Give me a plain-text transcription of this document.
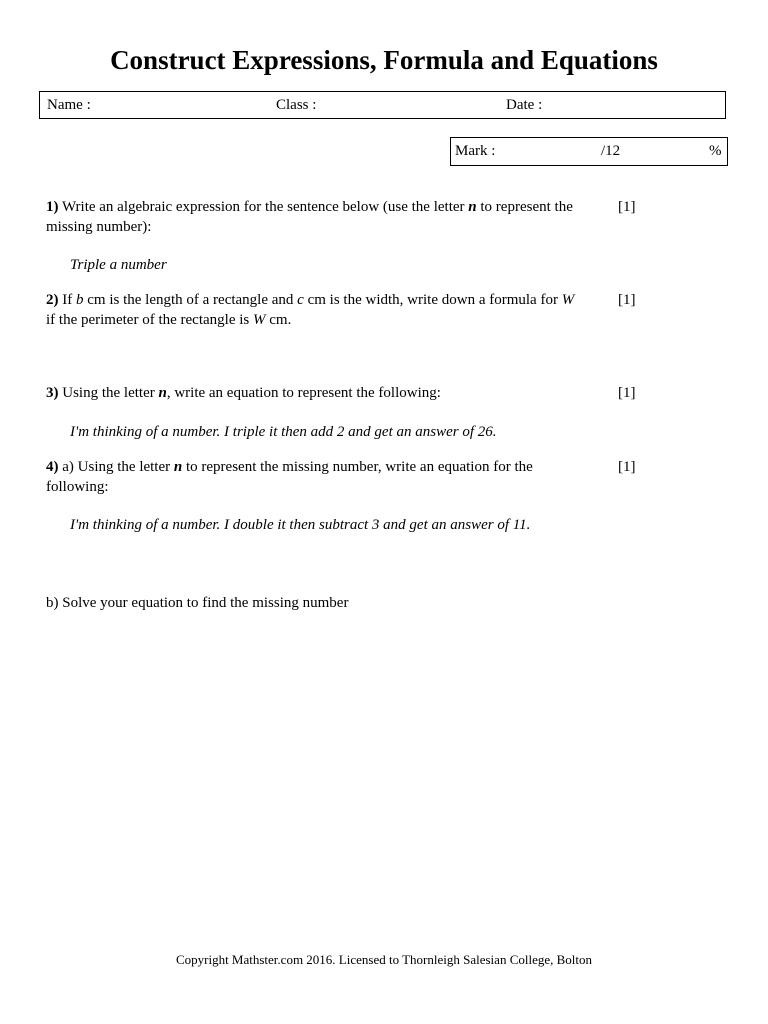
Construct Expressions, Formula and Equations
Name :	Class :	Date :
Mark :	/12	%
1) Write an algebraic expression for the sentence below (use the letter n to represent the
missing number):
[1]
Triple a number
2) If b cm is the length of a rectangle and c cm is the width, write down a formula for W
if the perimeter of the rectangle is W cm.
[1]
3) Using the letter n, write an equation to represent the following:	[1]
I'm thinking of a number. I triple it then add 2 and get an answer of 26.
4) a) Using the letter n to represent the missing number, write an equation for the
following:
[1]
I'm thinking of a number. I double it then subtract 3 and get an answer of 11.
b) Solve your equation to find the missing number
Copyright Mathster.com 2016. Licensed to Thornleigh Salesian College, Bolton
